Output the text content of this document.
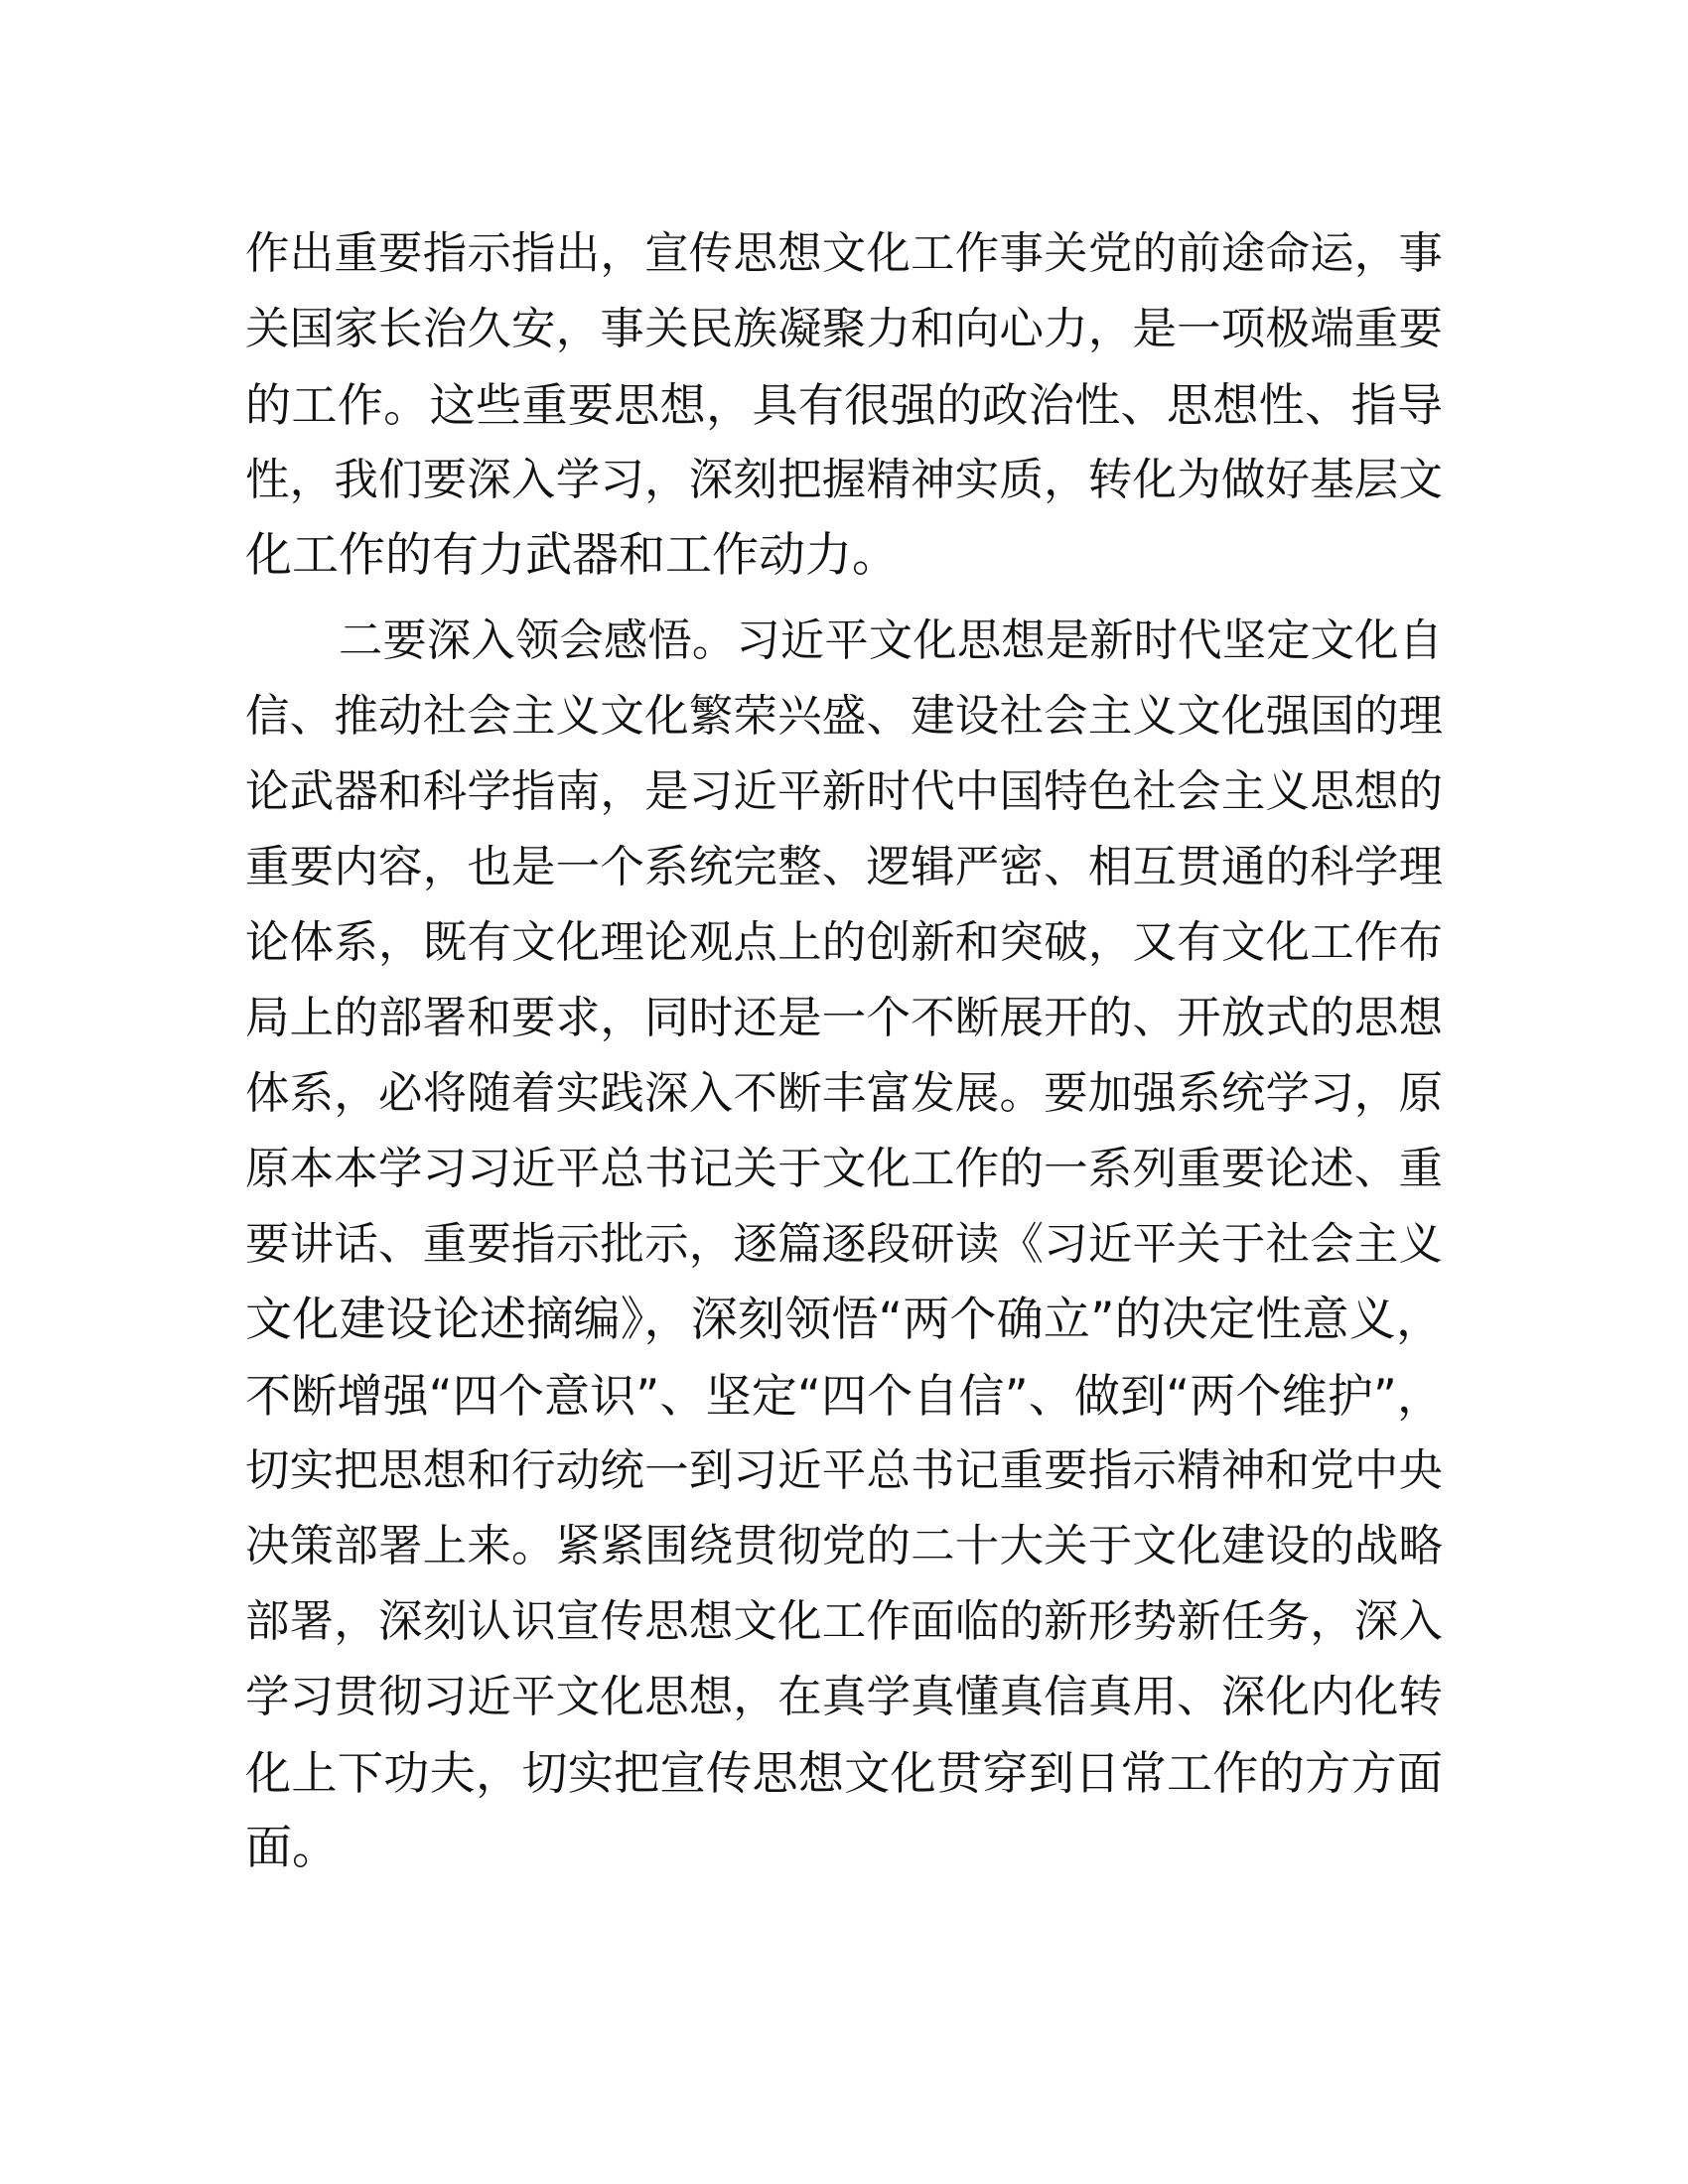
作出重要指示指出，宣传思想文化工作事关党的前途命运，事
关国家长治久安，事关民族凝聚力和向心力，是一项极端重要
的工作。这些重要思想，具有很强的政治性、思想性、指导
性，我们要深入学习，深刻把握精神实质，转化为做好基层文
化工作的有力武器和工作动力。

二要深入领会感悟。习近平文化思想是新时代坚定文化自
信、推动社会主义文化繁荣兴盛、建设社会主义文化强国的理
论武器和科学指南，是习近平新时代中国特色社会主义思想的
重要内容，也是一个系统完整、逻辑严密、相互贯通的科学理
论体系，既有文化理论观点上的创新和突破，又有文化工作布
局上的部署和要求，同时还是一个不断展开的、开放式的思想
体系，必将随着实践深入不断丰富发展。要加强系统学习，原
原本本学习习近平总书记关于文化工作的一系列重要论述、重
要讲话、重要指示批示，逐篇逐段研读《习近平关于社会主义
文化建设论述摘编》，深刻领悟“两个确立”的决定性意义，
不断增强“四个意识”、坚定“四个自信”、做到“两个维护”，
切实把思想和行动统一到习近平总书记重要指示精神和党中央
决策部署上来。紧紧围绕贯彻党的二十大关于文化建设的战略
部署，深刻认识宣传思想文化工作面临的新形势新任务，深入
学习贯彻习近平文化思想，在真学真懂真信真用、深化内化转
化上下功夫，切实把宣传思想文化贯穿到日常工作的方方面
面。
